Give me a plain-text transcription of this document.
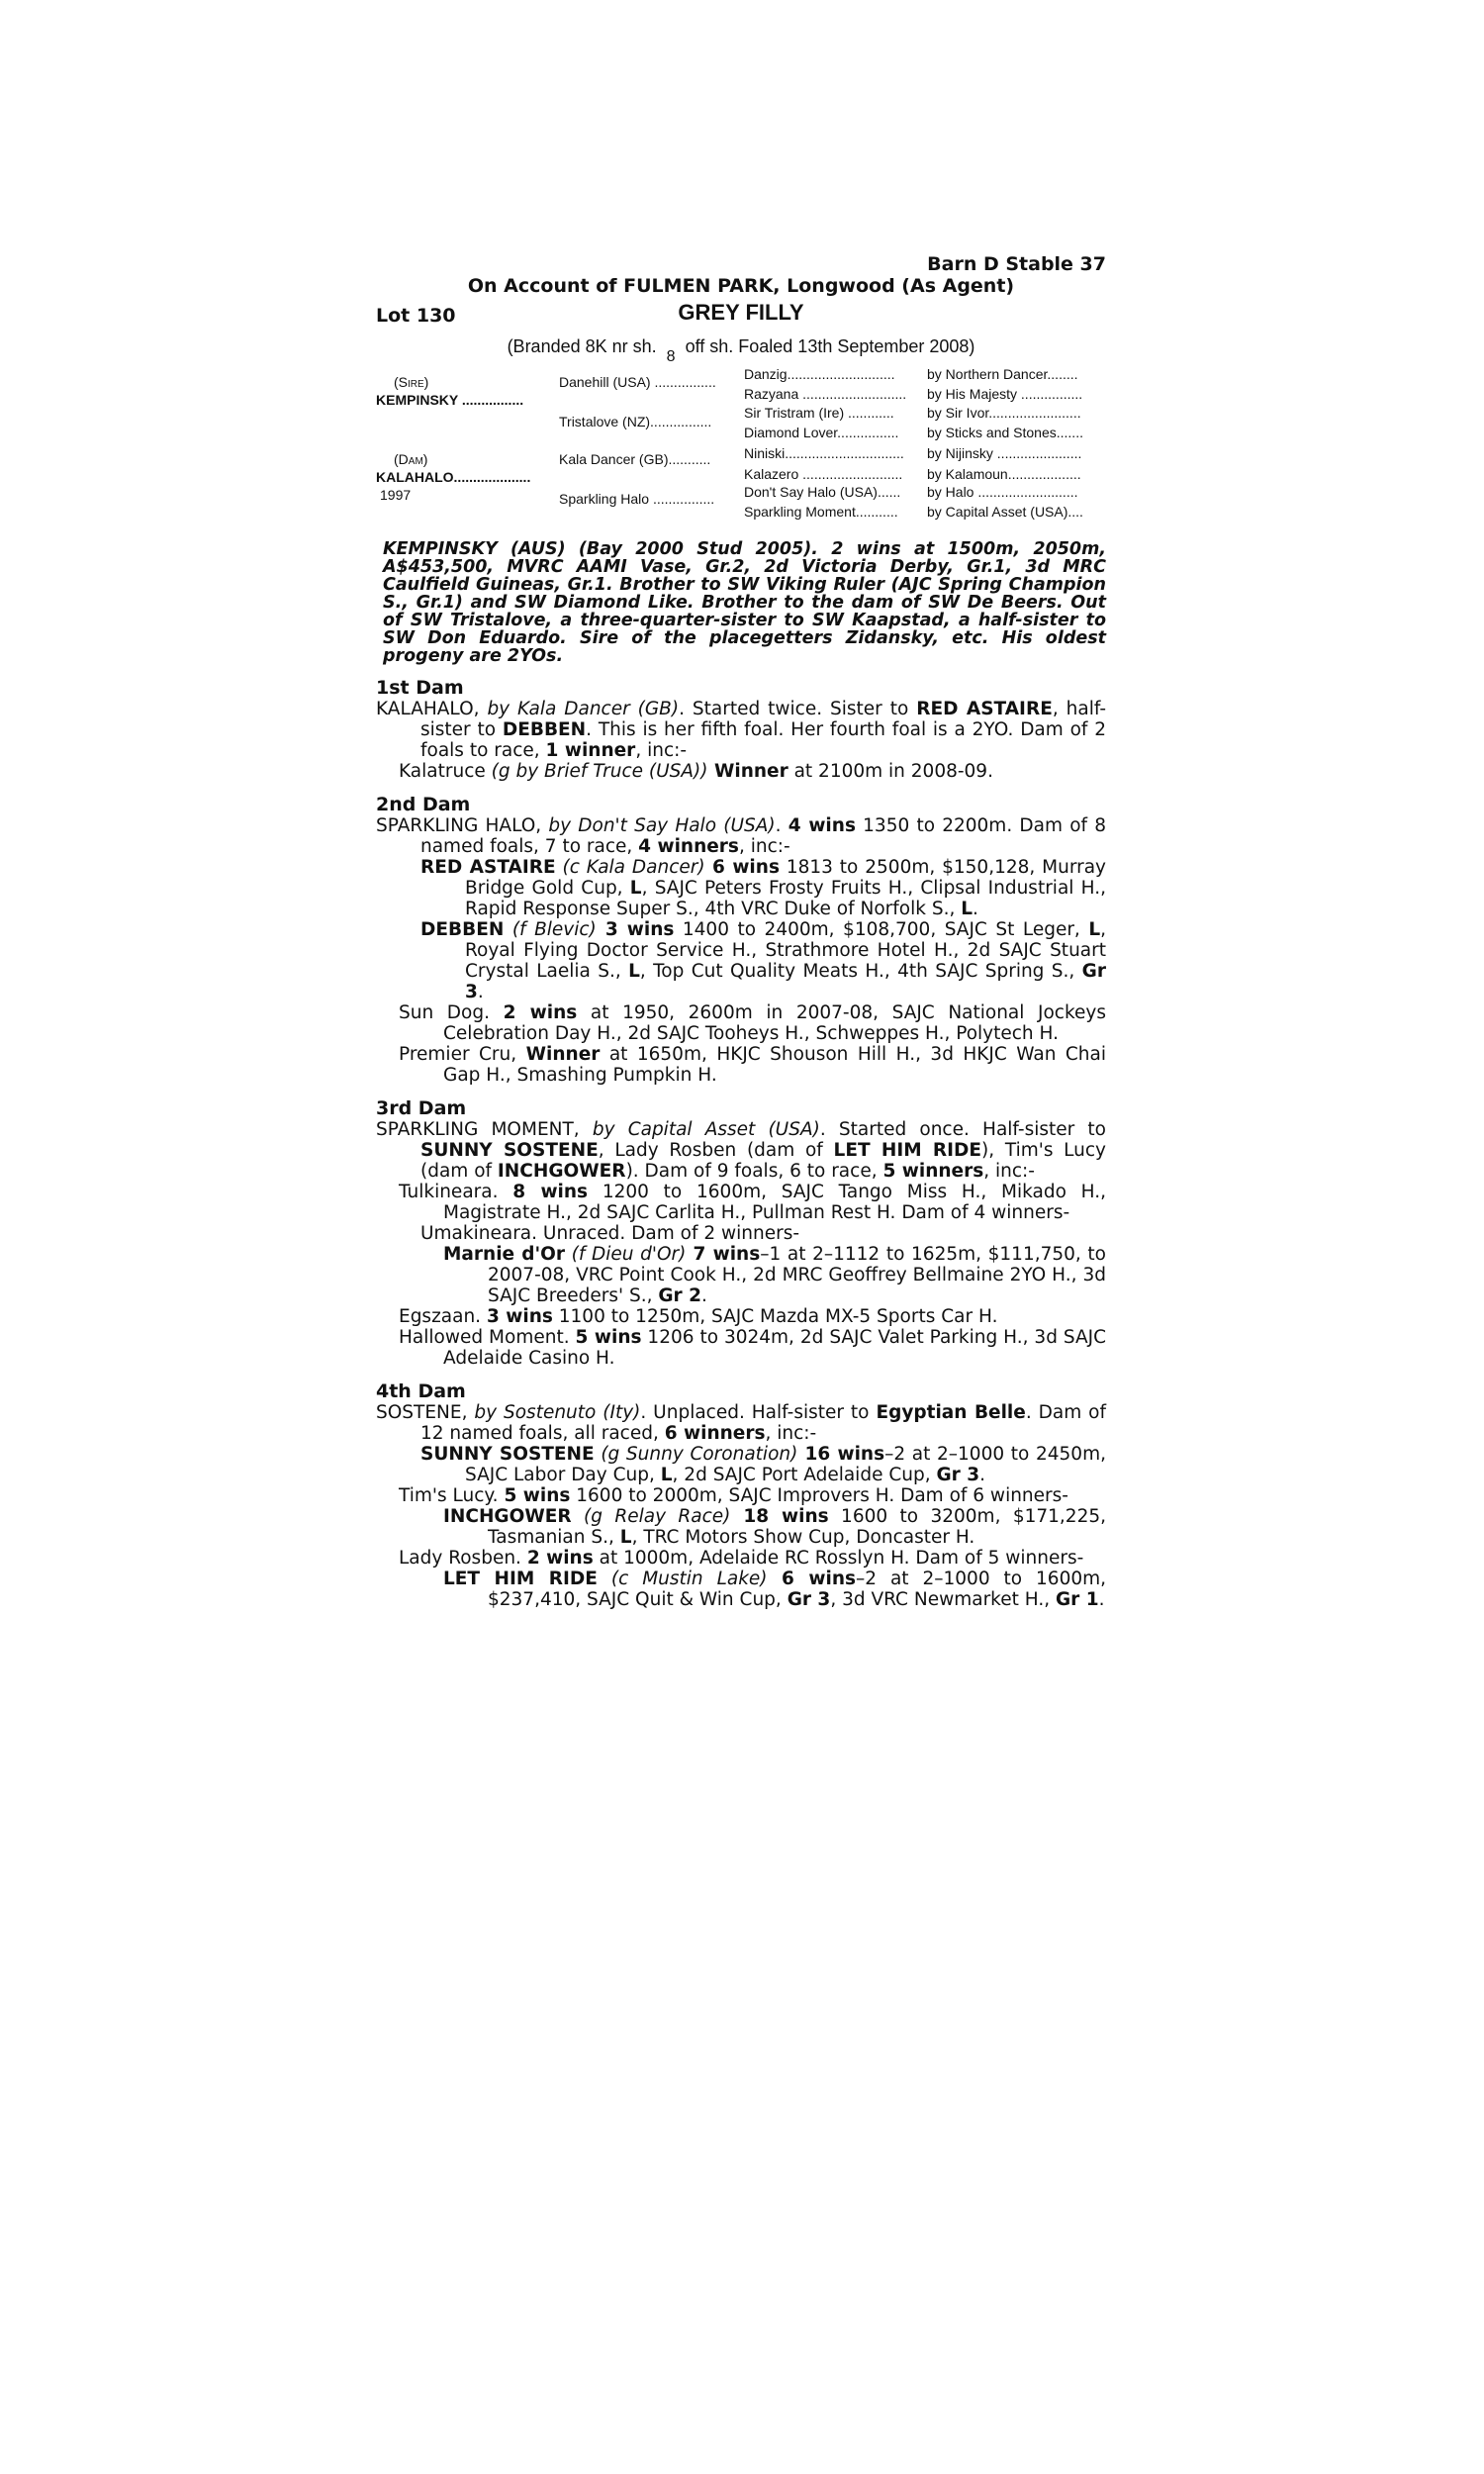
Barn D Stable 37
On Account of FULMEN PARK, Longwood (As Agent)
Lot 130	GREY FILLY
(Branded 8K nr sh.8off sh. Foaled 13th September 2008)
(Sire)
KEMPINSKY ................
(Dam)
KALAHALO....................
1997
Danehill (USA) ................
Tristalove (NZ)................
Kala Dancer (GB)...........
Sparkling Halo ................
Danzig............................
Razyana ...........................
Sir Tristram (Ire) ............
Diamond Lover................
Niniski...............................
Kalazero ..........................
Don't Say Halo (USA)......
Sparkling Moment...........
by Northern Dancer........
by His Majesty ................
by Sir Ivor........................
by Sticks and Stones.......
by Nijinsky ......................
by Kalamoun...................
by Halo ..........................
by Capital Asset (USA)....
KEMPINSKY (AUS) (Bay 2000 Stud 2005). 2 wins at 1500m, 2050m, A$453,500, MVRC AAMI Vase, Gr.2, 2d Victoria Derby, Gr.1, 3d MRC Caulfield Guineas, Gr.1. Brother to SW Viking Ruler (AJC Spring Champion S., Gr.1) and SW Diamond Like. Brother to the dam of SW De Beers. Out of SW Tristalove, a three-quarter-sister to SW Kaapstad, a half-sister to SW Don Eduardo. Sire of the placegetters Zidansky, etc. His oldest progeny are 2YOs.
1st Dam

KALAHALO, by Kala Dancer (GB). Started twice. Sister to RED ASTAIRE, half-sister to DEBBEN. This is her fifth foal. Her fourth foal is a 2YO. Dam of 2 foals to race, 1 winner, inc:-

Kalatruce (g by Brief Truce (USA)) Winner at 2100m in 2008-09.

2nd Dam

SPARKLING HALO, by Don't Say Halo (USA). 4 wins 1350 to 2200m. Dam of 8 named foals, 7 to race, 4 winners, inc:-

RED ASTAIRE (c Kala Dancer) 6 wins 1813 to 2500m, $150,128, Murray Bridge Gold Cup, L, SAJC Peters Frosty Fruits H., Clipsal Industrial H., Rapid Response Super S., 4th VRC Duke of Norfolk S., L.

DEBBEN (f Blevic) 3 wins 1400 to 2400m, $108,700, SAJC St Leger, L, Royal Flying Doctor Service H., Strathmore Hotel H., 2d SAJC Stuart Crystal Laelia S., L, Top Cut Quality Meats H., 4th SAJC Spring S., Gr 3.

Sun Dog. 2 wins at 1950, 2600m in 2007-08, SAJC National Jockeys Celebration Day H., 2d SAJC Tooheys H., Schweppes H., Polytech H.

Premier Cru, Winner at 1650m, HKJC Shouson Hill H., 3d HKJC Wan Chai Gap H., Smashing Pumpkin H.

3rd Dam

SPARKLING MOMENT, by Capital Asset (USA). Started once. Half-sister to SUNNY SOSTENE, Lady Rosben (dam of LET HIM RIDE), Tim's Lucy (dam of INCHGOWER). Dam of 9 foals, 6 to race, 5 winners, inc:-

Tulkineara. 8 wins 1200 to 1600m, SAJC Tango Miss H., Mikado H., Magistrate H., 2d SAJC Carlita H., Pullman Rest H. Dam of 4 winners-

Umakineara. Unraced. Dam of 2 winners-

Marnie d'Or (f Dieu d'Or) 7 wins–1 at 2–1112 to 1625m, $111,750, to 2007-08, VRC Point Cook H., 2d MRC Geoffrey Bellmaine 2YO H., 3d SAJC Breeders' S., Gr 2.

Egszaan. 3 wins 1100 to 1250m, SAJC Mazda MX-5 Sports Car H.

Hallowed Moment. 5 wins 1206 to 3024m, 2d SAJC Valet Parking H., 3d SAJC Adelaide Casino H.

4th Dam

SOSTENE, by Sostenuto (Ity). Unplaced. Half-sister to Egyptian Belle. Dam of 12 named foals, all raced, 6 winners, inc:-

SUNNY SOSTENE (g Sunny Coronation) 16 wins–2 at 2–1000 to 2450m, SAJC Labor Day Cup, L, 2d SAJC Port Adelaide Cup, Gr 3.

Tim's Lucy. 5 wins 1600 to 2000m, SAJC Improvers H. Dam of 6 winners-

INCHGOWER (g Relay Race) 18 wins 1600 to 3200m, $171,225, Tasmanian S., L, TRC Motors Show Cup, Doncaster H.

Lady Rosben. 2 wins at 1000m, Adelaide RC Rosslyn H. Dam of 5 winners-

LET HIM RIDE (c Mustin Lake) 6 wins–2 at 2–1000 to 1600m, $237,410, SAJC Quit & Win Cup, Gr 3, 3d VRC Newmarket H., Gr 1.
